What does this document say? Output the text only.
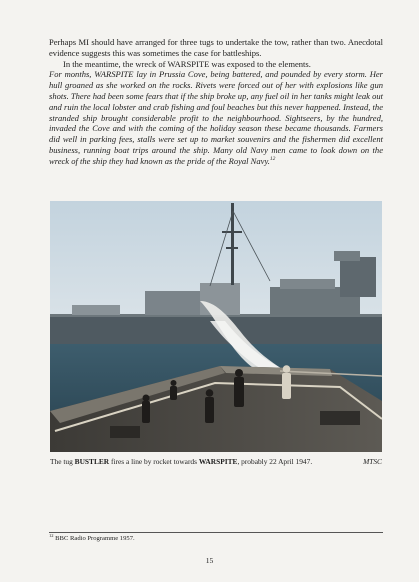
Perhaps MI should have arranged for three tugs to undertake the tow, rather than two. Anecdotal evidence suggests this was sometimes the case for battleships.

In the meantime, the wreck of WARSPITE was exposed to the elements.

For months, WARSPITE lay in Prussia Cove, being battered, and pounded by every storm. Her hull groaned as she worked on the rocks. Rivets were forced out of her with explosions like gun shots. There had been some fears that if the ship broke up, any fuel oil in her tanks might leak out and ruin the local lobster and crab fishing and foul beaches but this never happened. Instead, the stranded ship brought considerable profit to the neighbourhood. Sightseers, by the hundred, invaded the Cove and with the coming of the holiday season these became thousands. Farmers did well in parking fees, stalls were set up to market souvenirs and the fishermen did excellent business, running boat trips around the ship. Many old Navy men came to look down on the wreck of the ship they had known as the pride of the Royal Navy.$^{12}$

The tug BUSTLER fires a line by rocket towards WARSPITE, probably 22 April 1947.	MTSC
$^{12}$ BBC Radio Programme 1957.
15
